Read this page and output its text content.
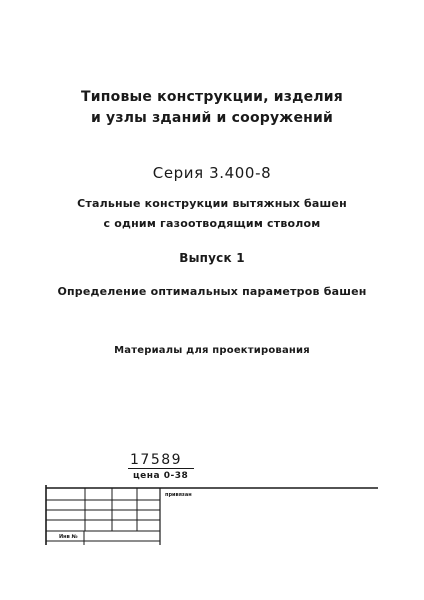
Типовые конструкции, изделия
и узлы зданий и сооружений
Серия 3.400-8
Стальные конструкции вытяжных башен
с одним газоотводящим стволом
Выпуск 1
Определение оптимальных параметров башен
Материалы для проектирования
17589
цена 0-38
привязан
Инв №
